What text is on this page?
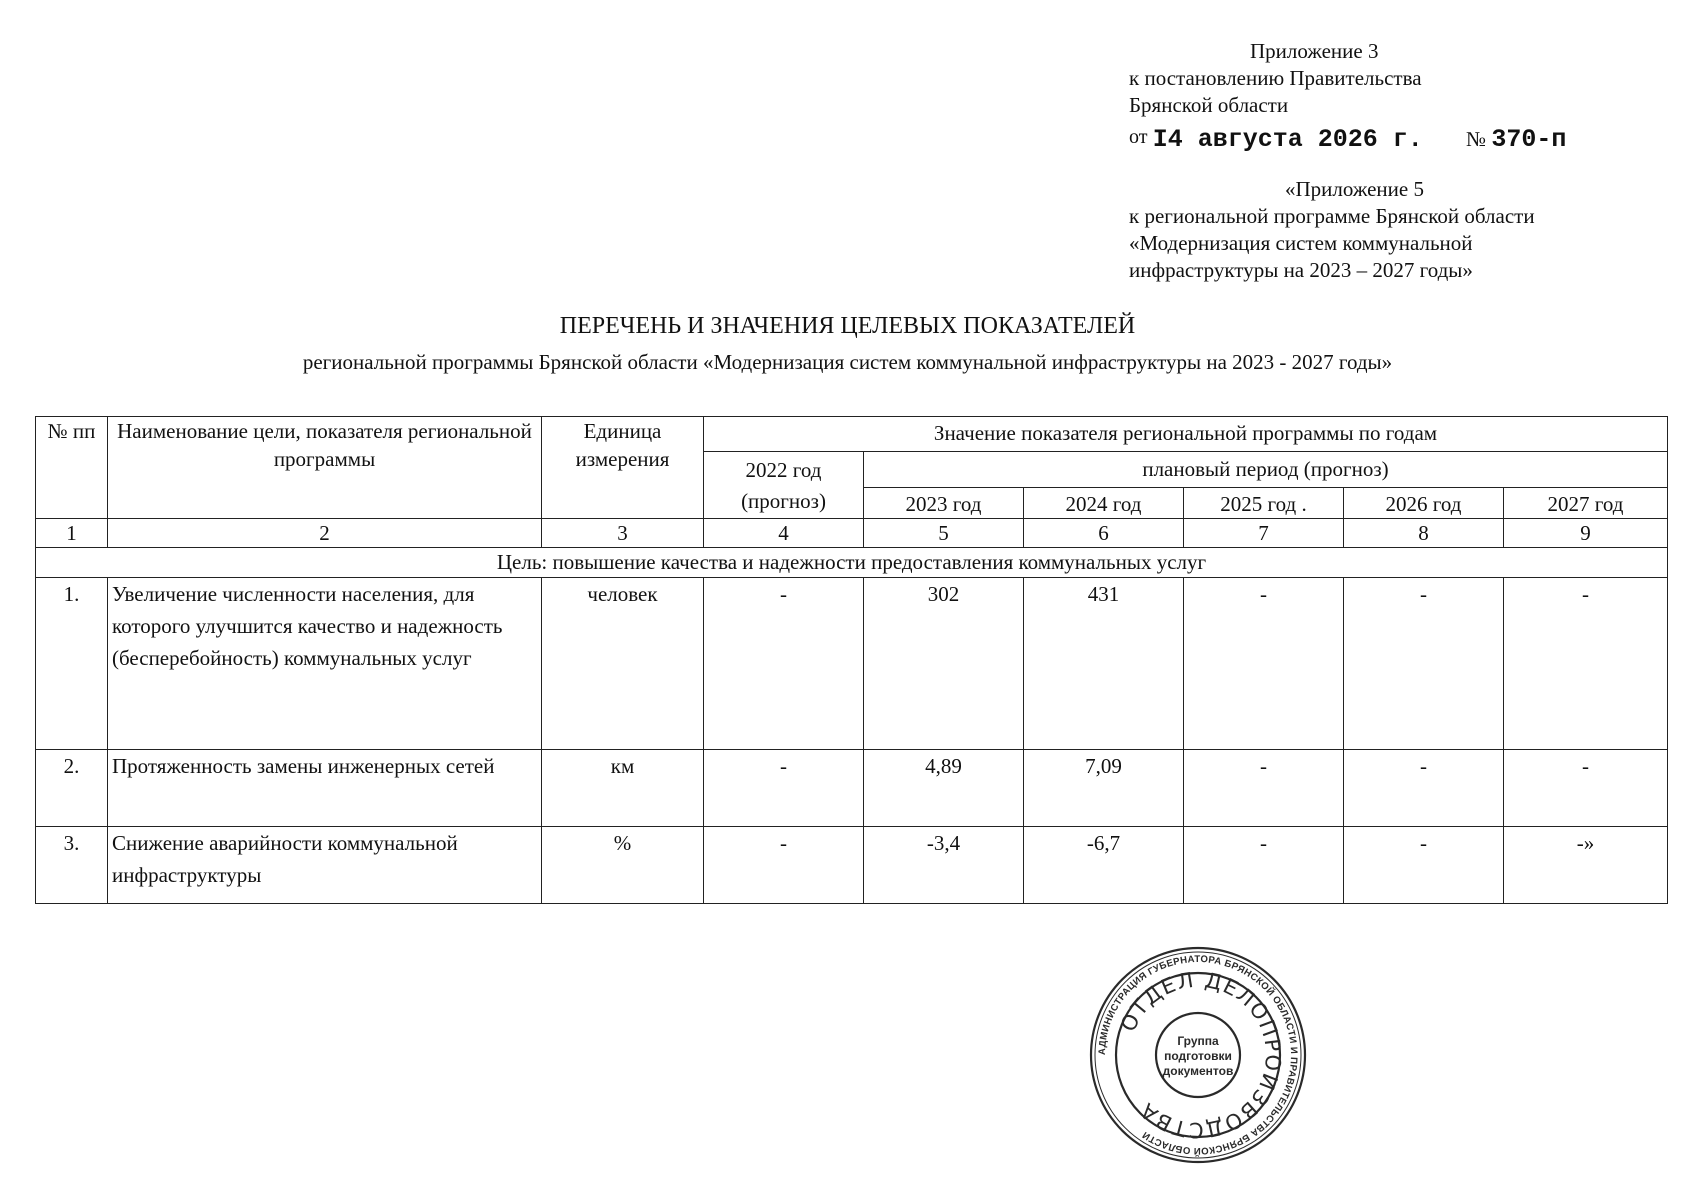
Приложение 3
к постановлению Правительства
Брянской области
от I4 августа 2026 г. № 370-п
«Приложение 5
к региональной программе Брянской области
«Модернизация систем коммунальной
инфраструктуры на 2023 – 2027 годы»
ПЕРЕЧЕНЬ И ЗНАЧЕНИЯ ЦЕЛЕВЫХ ПОКАЗАТЕЛЕЙ
региональной программы Брянской области «Модернизация систем коммунальной инфраструктуры на 2023 - 2027 годы»
№ пп	Наименование цели, показателя региональной программы	Единица измерения	Значение показателя региональной программы по годам					
			2022 год (прогноз)	плановый период (прогноз)				
				2023 год	2024 год	2025 год .	2026 год	2027 год
1	2	3	4	5	6	7	8	9
Цель: повышение качества и надежности предоставления коммунальных услуг								
1.	Увеличение численности населения, для которого улучшится качество и надежность (бесперебойность) коммунальных услуг	человек	-	302	431	-	-	-
2.	Протяженность замены инженерных сетей	км	-	4,89	7,09	-	-	-
3.	Снижение аварийности коммунальной инфраструктуры	%	-	-3,4	-6,7	-	-	-»
АДМИНИСТРАЦИЯ ГУБЕРНАТОРА БРЯНСКОЙ ОБЛАСТИ И ПРАВИТЕЛЬСТВА БРЯНСКОЙ ОБЛАСТИ
ОТДЕЛ ДЕЛОПРОИЗВОДСТВА
Группа
подготовки
документов
